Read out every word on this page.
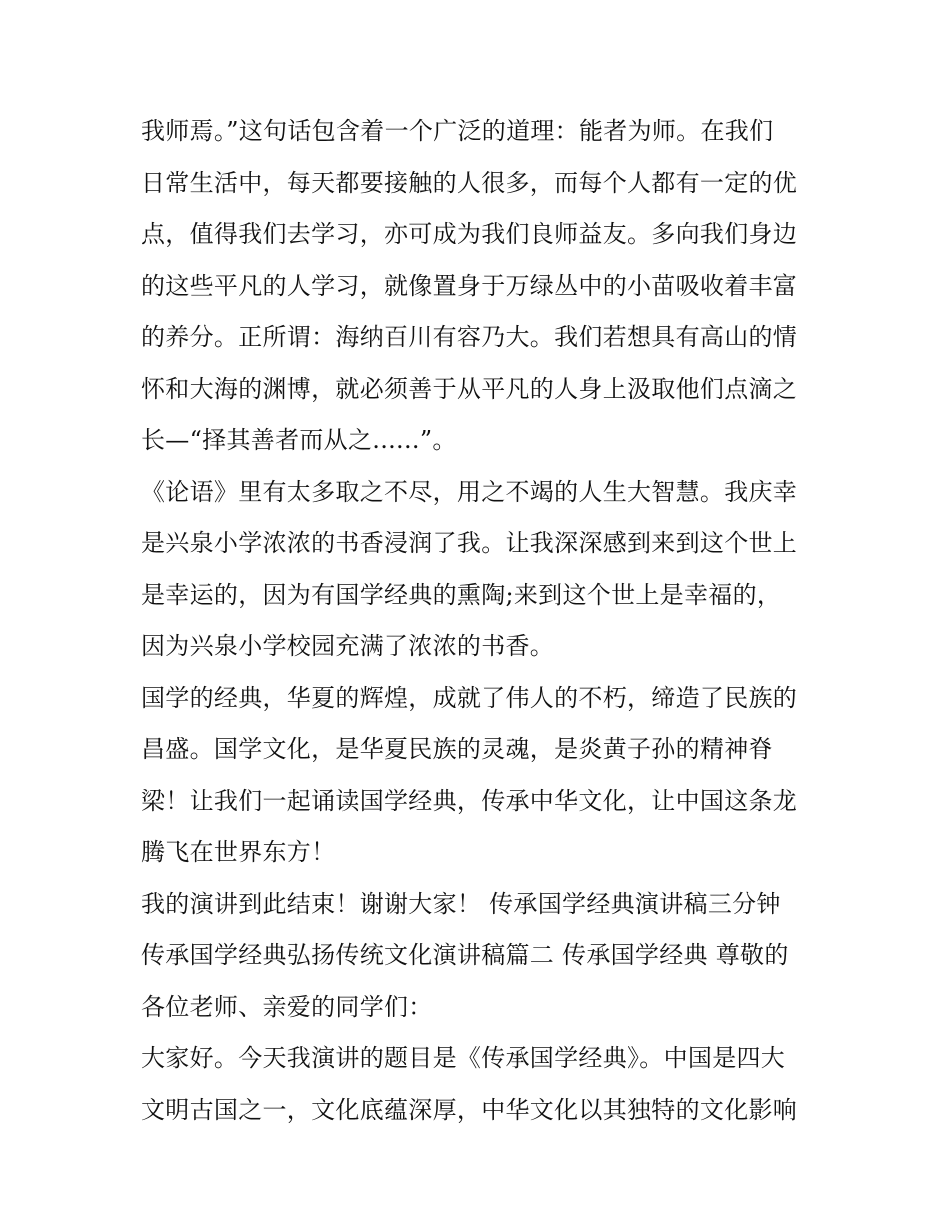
我师焉。”这句话包含着一个广泛的道理：能者为师。在我们
日常生活中，每天都要接触的人很多，而每个人都有一定的优
点，值得我们去学习，亦可成为我们良师益友。多向我们身边
的这些平凡的人学习，就像置身于万绿丛中的小苗吸收着丰富
的养分。正所谓：海纳百川有容乃大。我们若想具有高山的情
怀和大海的渊博，就必须善于从平凡的人身上汲取他们点滴之
长—“择其善者而从之......”。
《论语》里有太多取之不尽，用之不竭的人生大智慧。我庆幸
是兴泉小学浓浓的书香浸润了我。让我深深感到来到这个世上
是幸运的，因为有国学经典的熏陶;来到这个世上是幸福的，
因为兴泉小学校园充满了浓浓的书香。
国学的经典，华夏的辉煌，成就了伟人的不朽，缔造了民族的
昌盛。国学文化，是华夏民族的灵魂，是炎黄子孙的精神脊
梁！让我们一起诵读国学经典，传承中华文化，让中国这条龙
腾飞在世界东方！
我的演讲到此结束！谢谢大家！ 传承国学经典演讲稿三分钟
传承国学经典弘扬传统文化演讲稿篇二 传承国学经典 尊敬的
各位老师、亲爱的同学们：
大家好。今天我演讲的题目是《传承国学经典》。中国是四大
文明古国之一，文化底蕴深厚，中华文化以其独特的文化影响
